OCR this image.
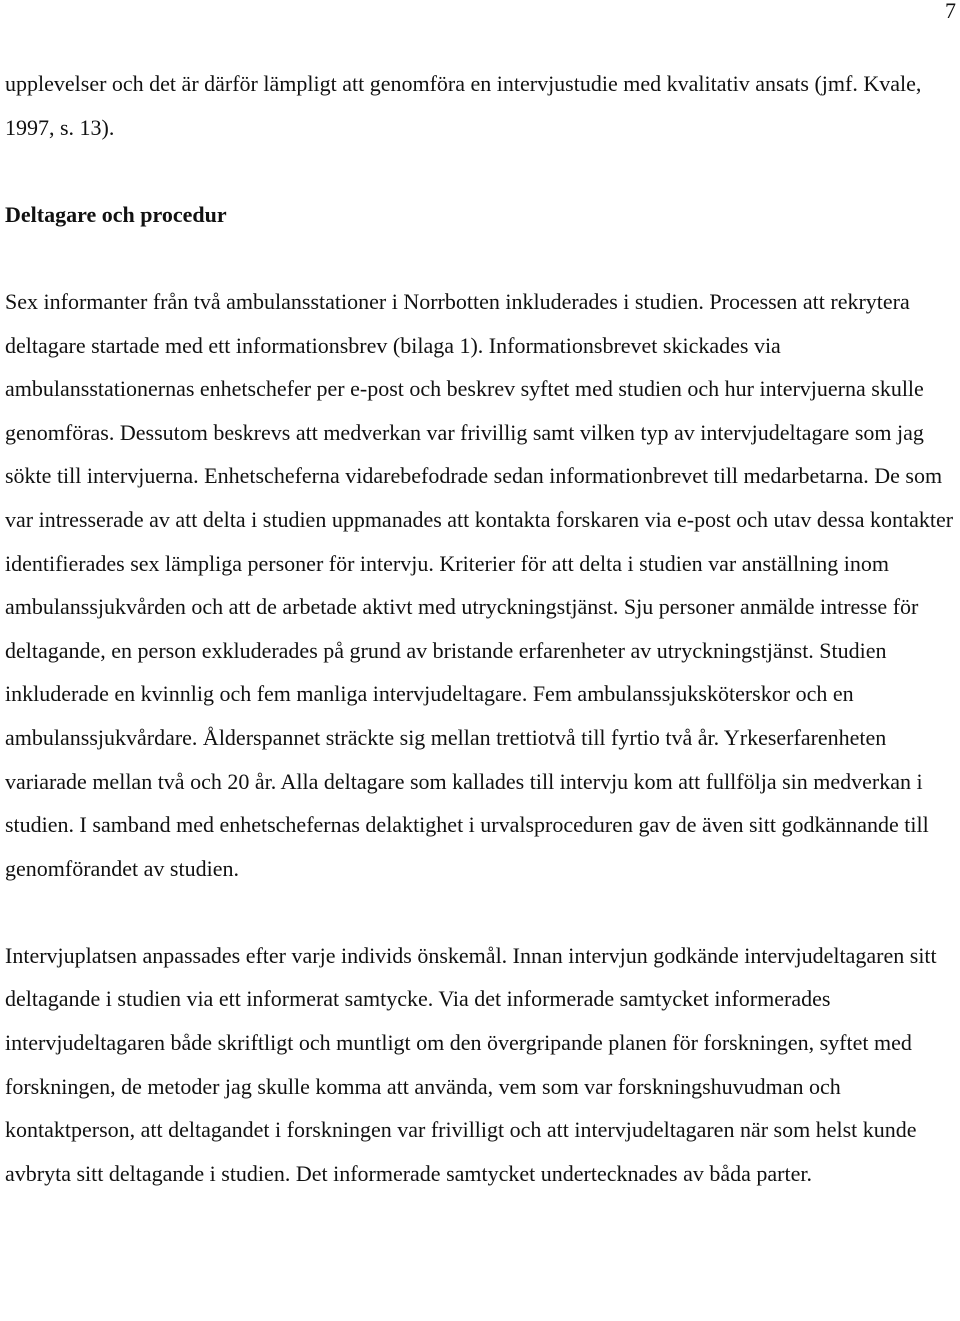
7

upplevelser och det är därför lämpligt att genomföra en intervjustudie med kvalitativ ansats (jmf. Kvale, 1997, s. 13).

Deltagare och procedur

Sex informanter från två ambulansstationer i Norrbotten inkluderades i studien. Processen att rekrytera deltagare startade med ett informationsbrev (bilaga 1). Informationsbrevet skickades via ambulansstationernas enhetschefer per e-post och beskrev syftet med studien och hur intervjuerna skulle genomföras. Dessutom beskrevs att medverkan var frivillig samt vilken typ av intervjudeltagare som jag sökte till intervjuerna. Enhetscheferna vidarebefodrade sedan informationbrevet till medarbetarna. De som var intresserade av att delta i studien uppmanades att kontakta forskaren via e-post och utav dessa kontakter identifierades sex lämpliga personer för intervju. Kriterier för att delta i studien var anställning inom ambulanssjukvården och att de arbetade aktivt med utryckningstjänst. Sju personer anmälde intresse för deltagande, en person exkluderades på grund av bristande erfarenheter av utryckningstjänst. Studien inkluderade en kvinnlig och fem manliga intervjudeltagare. Fem ambulanssjuksköterskor och en ambulanssjukvårdare. Ålderspannet sträckte sig mellan trettiotvå till fyrtio två år. Yrkeserfarenheten variarade mellan två och 20 år. Alla deltagare som kallades till intervju kom att fullfölja sin medverkan i studien. I samband med enhetschefernas delaktighet i urvalsproceduren gav de även sitt godkännande till genomförandet av studien.

Intervjuplatsen anpassades efter varje individs önskemål. Innan intervjun godkände intervjudeltagaren sitt deltagande i studien via ett informerat samtycke. Via det informerade samtycket informerades intervjudeltagaren både skriftligt och muntligt om den övergripande planen för forskningen, syftet med forskningen, de metoder jag skulle komma att använda, vem som var forskningshuvudman och kontaktperson, att deltagandet i forskningen var frivilligt och att intervjudeltagaren när som helst kunde avbryta sitt deltagande i studien. Det informerade samtycket undertecknades av båda parter.
